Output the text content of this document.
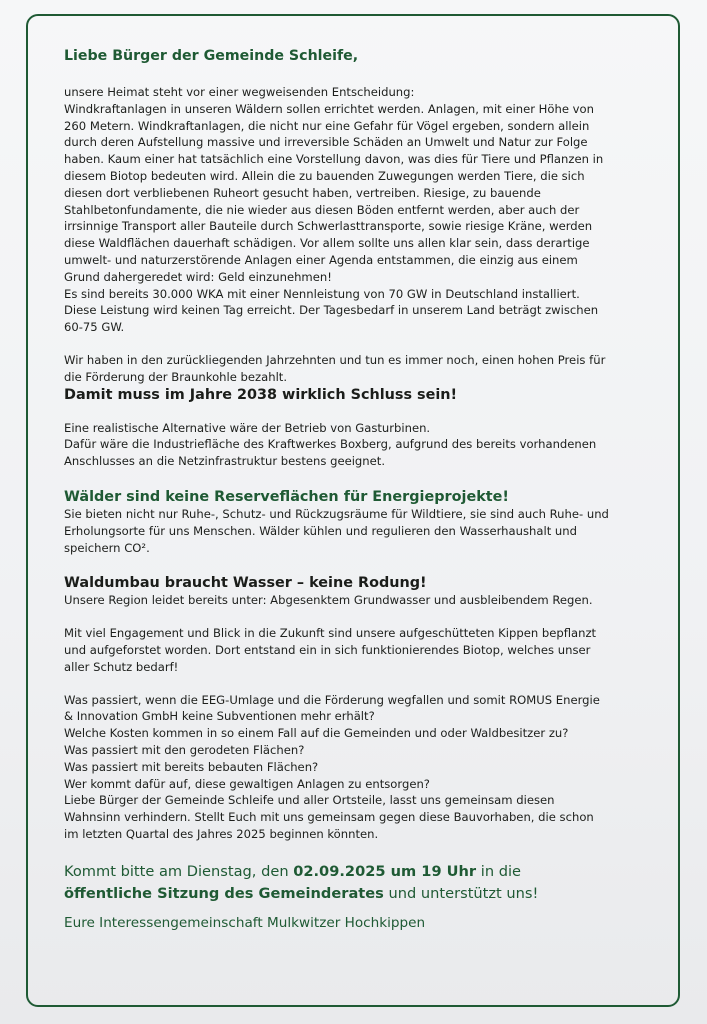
Liebe Bürger der Gemeinde Schleife,
unsere Heimat steht vor einer wegweisenden Entscheidung:
Windkraftanlagen in unseren Wäldern sollen errichtet werden. Anlagen, mit einer Höhe von
260 Metern. Windkraftanlagen, die nicht nur eine Gefahr für Vögel ergeben, sondern allein
durch deren Aufstellung massive und irreversible Schäden an Umwelt und Natur zur Folge
haben. Kaum einer hat tatsächlich eine Vorstellung davon, was dies für Tiere und Pflanzen in
diesem Biotop bedeuten wird. Allein die zu bauenden Zuwegungen werden Tiere, die sich
diesen dort verbliebenen Ruheort gesucht haben, vertreiben. Riesige, zu bauende
Stahlbetonfundamente, die nie wieder aus diesen Böden entfernt werden, aber auch der
irrsinnige Transport aller Bauteile durch Schwerlasttransporte, sowie riesige Kräne, werden
diese Waldflächen dauerhaft schädigen. Vor allem sollte uns allen klar sein, dass derartige
umwelt- und naturzerstörende Anlagen einer Agenda entstammen, die einzig aus einem
Grund dahergeredet wird: Geld einzunehmen!
Es sind bereits 30.000 WKA mit einer Nennleistung von 70 GW in Deutschland installiert.
Diese Leistung wird keinen Tag erreicht. Der Tagesbedarf in unserem Land beträgt zwischen
60-75 GW.
Wir haben in den zurückliegenden Jahrzehnten und tun es immer noch, einen hohen Preis für
die Förderung der Braunkohle bezahlt.
Damit muss im Jahre 2038 wirklich Schluss sein!
Eine realistische Alternative wäre der Betrieb von Gasturbinen.
Dafür wäre die Industriefläche des Kraftwerkes Boxberg, aufgrund des bereits vorhandenen
Anschlusses an die Netzinfrastruktur bestens geeignet.
Wälder sind keine Reserveflächen für Energieprojekte!
Sie bieten nicht nur Ruhe-, Schutz- und Rückzugsräume für Wildtiere, sie sind auch Ruhe- und
Erholungsorte für uns Menschen. Wälder kühlen und regulieren den Wasserhaushalt und
speichern CO².
Waldumbau braucht Wasser – keine Rodung!
Unsere Region leidet bereits unter: Abgesenktem Grundwasser und ausbleibendem Regen.
Mit viel Engagement und Blick in die Zukunft sind unsere aufgeschütteten Kippen bepflanzt
und aufgeforstet worden. Dort entstand ein in sich funktionierendes Biotop, welches unser
aller Schutz bedarf!
Was passiert, wenn die EEG-Umlage und die Förderung wegfallen und somit ROMUS Energie
& Innovation GmbH keine Subventionen mehr erhält?
Welche Kosten kommen in so einem Fall auf die Gemeinden und oder Waldbesitzer zu?
Was passiert mit den gerodeten Flächen?
Was passiert mit bereits bebauten Flächen?
Wer kommt dafür auf, diese gewaltigen Anlagen zu entsorgen?
Liebe Bürger der Gemeinde Schleife und aller Ortsteile, lasst uns gemeinsam diesen
Wahnsinn verhindern. Stellt Euch mit uns gemeinsam gegen diese Bauvorhaben, die schon
im letzten Quartal des Jahres 2025 beginnen könnten.
Kommt bitte am Dienstag, den 02.09.2025 um 19 Uhr in die
öffentliche Sitzung des Gemeinderates und unterstützt uns!
Eure Interessengemeinschaft Mulkwitzer Hochkippen
